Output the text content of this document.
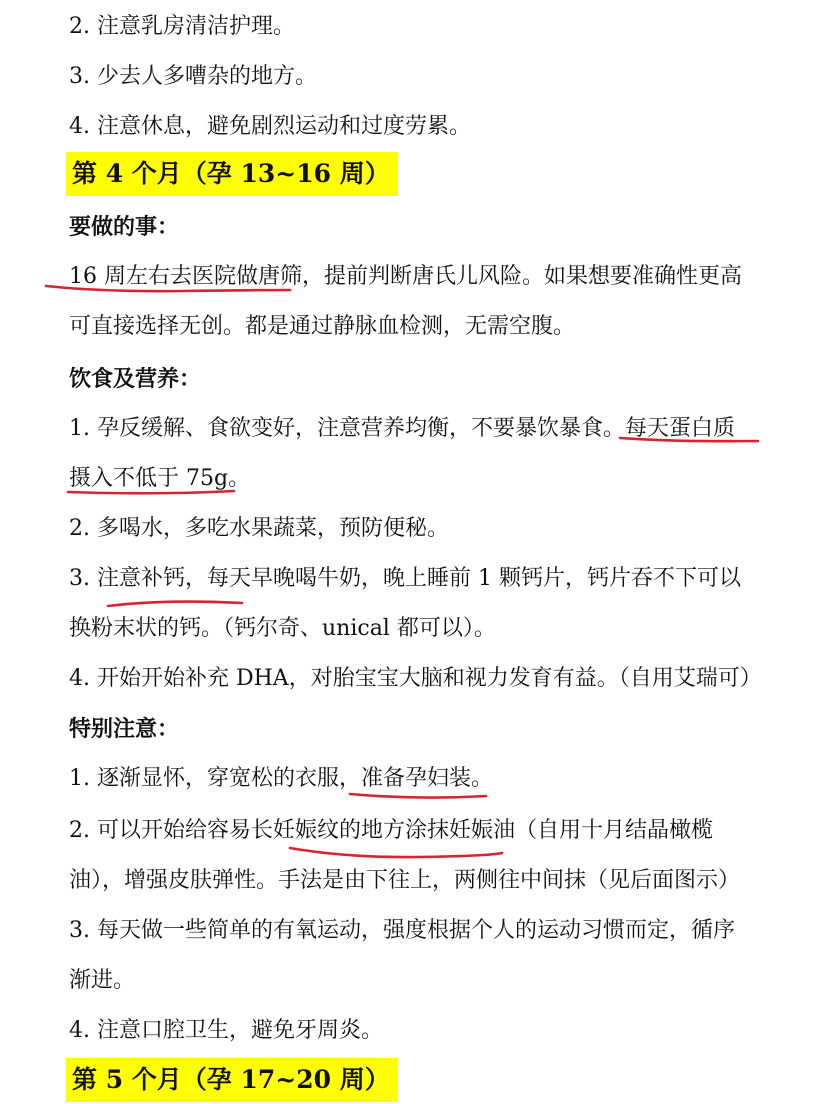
2. 注意乳房清洁护理。

3. 少去人多嘈杂的地方。

4. 注意休息，避免剧烈运动和过度劳累。

第 4 个月（孕 13~16 周）

要做的事：

16 周左右去医院做唐筛，提前判断唐氏儿风险。如果想要准确性更高

可直接选择无创。都是通过静脉血检测，无需空腹。

饮食及营养：

1. 孕反缓解、食欲变好，注意营养均衡，不要暴饮暴食。每天蛋白质

摄入不低于 75g。

2. 多喝水，多吃水果蔬菜，预防便秘。

3. 注意补钙，每天早晚喝牛奶，晚上睡前 1 颗钙片，钙片吞不下可以

换粉末状的钙。（钙尔奇、unical 都可以）。

4. 开始开始补充 DHA，对胎宝宝大脑和视力发育有益。（自用艾瑞可）

特别注意：

1. 逐渐显怀，穿宽松的衣服，准备孕妇装。

2. 可以开始给容易长妊娠纹的地方涂抹妊娠油（自用十月结晶橄榄

油），增强皮肤弹性。手法是由下往上，两侧往中间抹（见后面图示）

3. 每天做一些简单的有氧运动，强度根据个人的运动习惯而定，循序

渐进。

4. 注意口腔卫生，避免牙周炎。

第 5 个月（孕 17~20 周）
